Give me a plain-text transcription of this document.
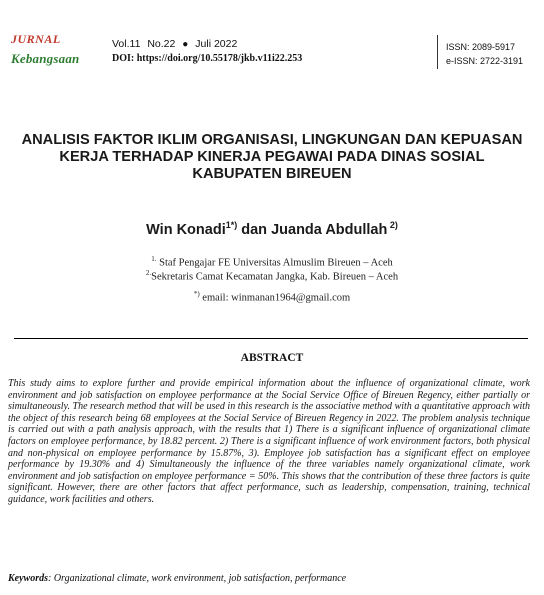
JURNAL
Kebangsaan
Vol.11 No.22 ● Juli 2022
DOI: https://doi.org/10.55178/jkb.v11i22.253
ISSN: 2089-5917
e-ISSN: 2722-3191
ANALISIS FAKTOR IKLIM ORGANISASI, LINGKUNGAN DAN KEPUASAN KERJA TERHADAP KINERJA PEGAWAI PADA DINAS SOSIAL KABUPATEN BIREUEN
Win Konadi$^{1*)}$ dan Juanda Abdullah $^{2)}$
$^{1.}$ Staf Pengajar FE Universitas Almuslim Bireuen – Aceh
$^{2.}$Sekretaris Camat Kecamatan Jangka, Kab. Bireuen – Aceh
*) email: winmanan1964@gmail.com
ABSTRACT
This study aims to explore further and provide empirical information about the influence of organizational climate, work environment and job satisfaction on employee performance at the Social Service Office of Bireuen Regency, either partially or simultaneously. The research method that will be used in this research is the associative method with a quantitative approach with the object of this research being 68 employees at the Social Service of Bireuen Regency in 2022. The problem analysis technique is carried out with a path analysis approach, with the results that 1) There is a significant influence of organizational climate factors on employee performance, by 18.82 percent. 2) There is a significant influence of work environment factors, both physical and non-physical on employee performance by 15.87%, 3). Employee job satisfaction has a significant effect on employee performance by 19.30% and 4) Simultaneously the influence of the three variables namely organizational climate, work environment and job satisfaction on employee performance = 50%. This shows that the contribution of these three factors is quite significant. However, there are other factors that affect performance, such as leadership, compensation, training, technical guidance, work facilities and others.
Keywords: Organizational climate, work environment, job satisfaction, performance
